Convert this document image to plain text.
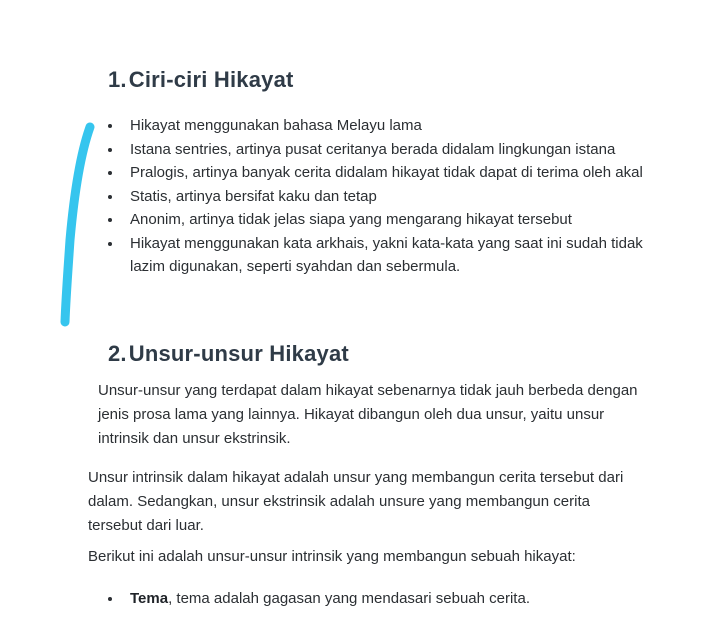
1.Ciri-ciri Hikayat
Hikayat menggunakan bahasa Melayu lama
Istana sentries, artinya pusat ceritanya berada didalam lingkungan istana
Pralogis, artinya banyak cerita didalam hikayat tidak dapat di terima oleh akal
Statis, artinya bersifat kaku dan tetap
Anonim, artinya tidak jelas siapa yang mengarang hikayat tersebut
Hikayat menggunakan kata arkhais, yakni kata-kata yang saat ini sudah tidak lazim digunakan, seperti syahdan dan sebermula.
2.Unsur-unsur Hikayat

Unsur-unsur yang terdapat dalam hikayat sebenarnya tidak jauh berbeda dengan jenis prosa lama yang lainnya. Hikayat dibangun oleh dua unsur, yaitu unsur intrinsik dan unsur ekstrinsik.

Unsur intrinsik dalam hikayat adalah unsur yang membangun cerita tersebut dari dalam. Sedangkan, unsur ekstrinsik adalah unsure yang membangun cerita tersebut dari luar.

Berikut ini adalah unsur-unsur intrinsik yang membangun sebuah hikayat:

Tema, tema adalah gagasan yang mendasari sebuah cerita.
